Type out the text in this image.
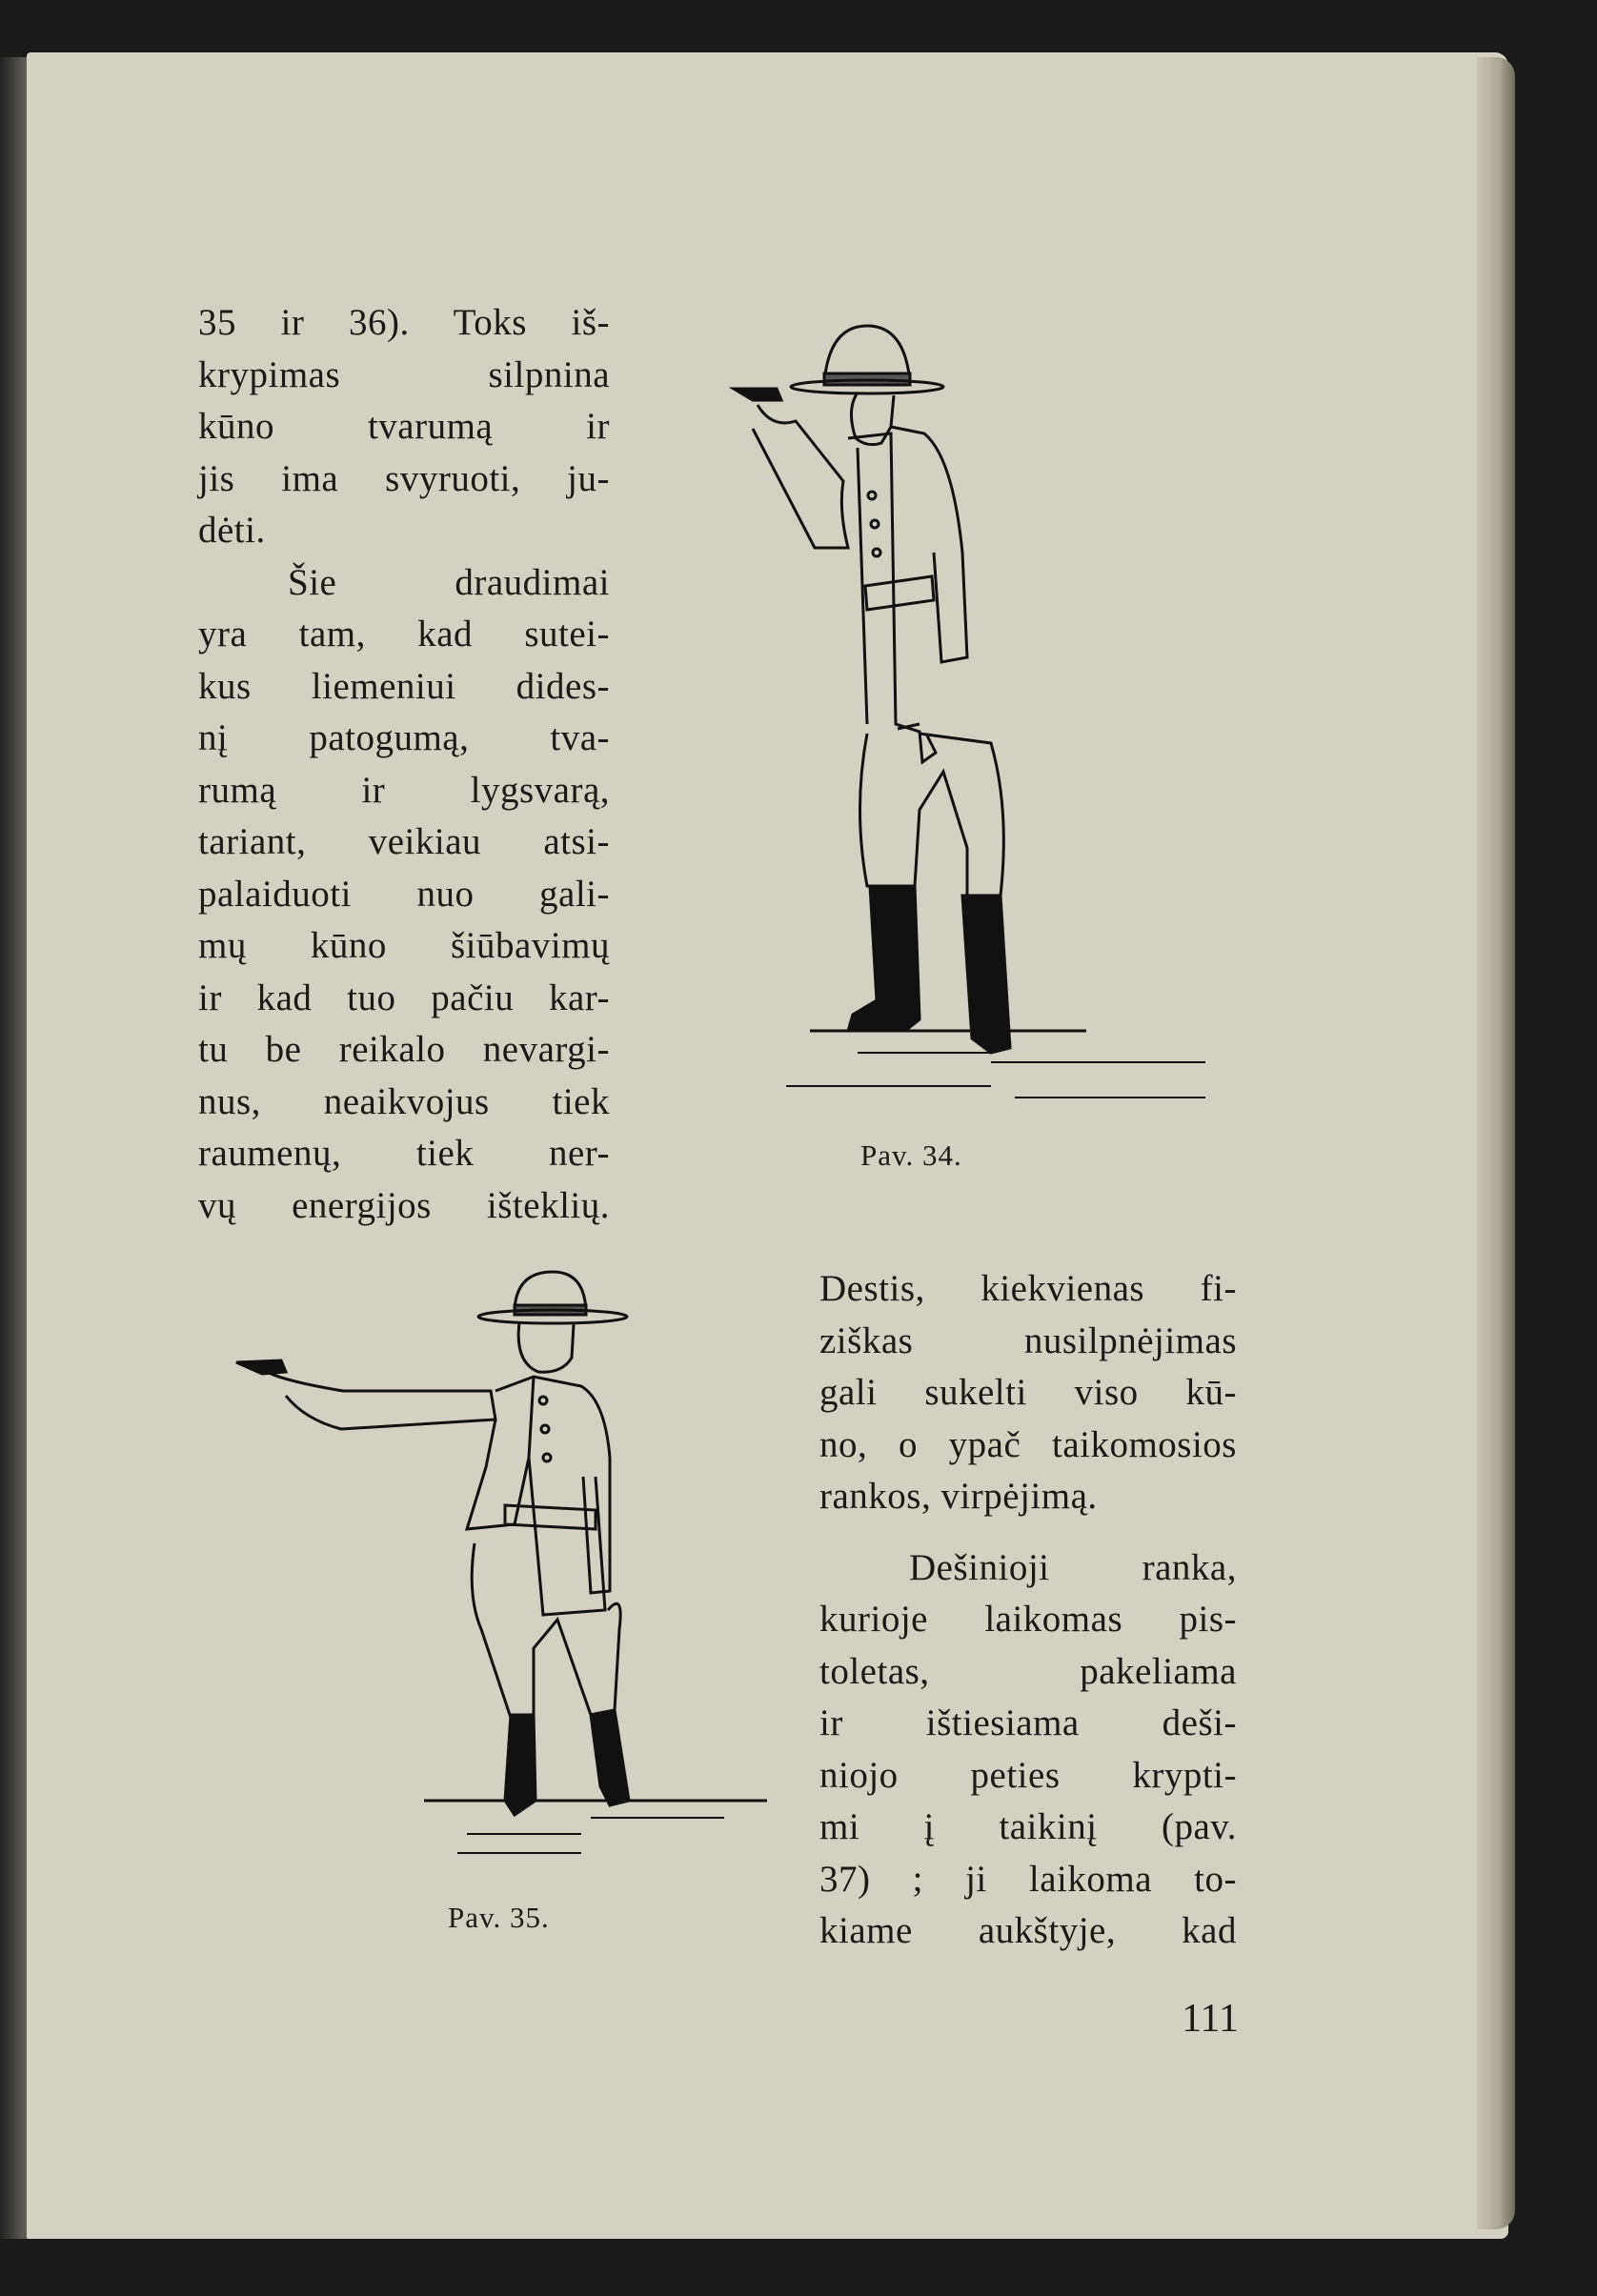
35 ir 36). Toks iš-
krypimas silpnina
kūno tvarumą ir
jis ima svyruoti, ju-
dėti.
Šie draudimai
yra tam, kad sutei-
kus liemeniui dides-
nį patogumą, tva-
rumą ir lygsvarą,
tariant, veikiau atsi-
palaiduoti nuo gali-
mų kūno šiūbavimų
ir kad tuo pačiu kar-
tu be reikalo nevargi-
nus, neaikvojus tiek
raumenų, tiek ner-
vų energijos išteklių.
Destis, kiekvienas fi-
ziškas nusilpnėjimas
gali sukelti viso kū-
no, o ypač taikomosios
rankos, virpėjimą.
Dešinioji ranka,
kurioje laikomas pis-
toletas, pakeliama
ir ištiesiama deši-
niojo peties krypti-
mi į taikinį (pav.
37) ; ji laikoma to-
kiame aukštyje, kad
Pav. 34.
Pav. 35.
111
